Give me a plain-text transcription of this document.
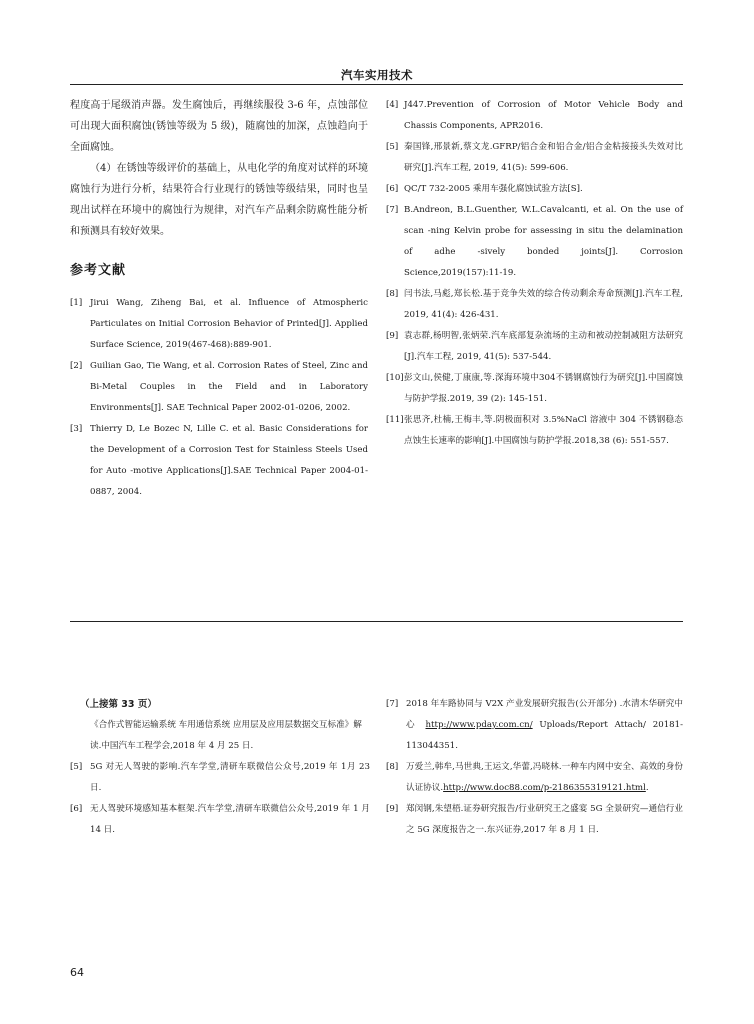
汽车实用技术

程度高于尾级消声器。发生腐蚀后，再继续服役 3-6 年，点蚀部位可出现大面积腐蚀(锈蚀等级为 5 级)，随腐蚀的加深，点蚀趋向于全面腐蚀。

（4）在锈蚀等级评价的基础上，从电化学的角度对试样的环境腐蚀行为进行分析，结果符合行业现行的锈蚀等级结果，同时也呈现出试样在环境中的腐蚀行为规律，对汽车产品剩余防腐性能分析和预测具有较好效果。

参考文献
[1] Jirui Wang, Ziheng Bai, et al. Influence of Atmospheric Particulates on Initial Corrosion Behavior of Printed[J]. Applied Surface Science, 2019(467-468):889-901.
[2] Guilian Gao, Tie Wang, et al. Corrosion Rates of Steel, Zinc and Bi-Metal Couples in the Field and in Laboratory Environments[J]. SAE Technical Paper 2002-01-0206, 2002.
[3] Thierry D, Le Bozec N, Lille C. et al. Basic Considerations for the Development of a Corrosion Test for Stainless Steels Used for Auto -motive Applications[J].SAE Technical Paper 2004-01-0887, 2004.
[4] J447.Prevention of Corrosion of Motor Vehicle Body and Chassis Components, APR2016.
[5] 秦国锋,邢景新,蔡文龙.GFRP/铝合金和铝合金/铝合金粘接接头失效对比研究[J].汽车工程, 2019, 41(5): 599-606.
[6] QC/T 732-2005 乘用车强化腐蚀试验方法[S].
[7] B.Andreon, B.L.Guenther, W.L.Cavalcanti, et al. On the use of scan -ning Kelvin probe for assessing in situ the delamination of adhe -sively bonded joints[J]. Corrosion Science,2019(157):11-19.
[8] 闫书法,马彪,郑长松.基于竞争失效的综合传动剩余寿命预测[J].汽车工程, 2019, 41(4): 426-431.
[9] 袁志群,杨明智,张炳荣.汽车底部复杂流场的主动和被动控制减阻方法研究[J].汽车工程, 2019, 41(5): 537-544.
[10] 彭文山,侯健,丁康康,等.深海环境中304不锈钢腐蚀行为研究[J].中国腐蚀与防护学报.2019, 39 (2): 145-151.
[11] 张思齐,杜楠,王梅丰,等.阴极面积对 3.5%NaCl 溶液中 304 不锈钢稳态点蚀生长速率的影响[J].中国腐蚀与防护学报.2018,38 (6): 551-557.
（上接第 33 页）
《合作式智能运输系统 车用通信系统 应用层及应用层数据交互标准》解读.中国汽车工程学会,2018 年 4 月 25 日.
[5] 5G 对无人驾驶的影响.汽车学堂,清研车联微信公众号,2019 年 1月 23 日.
[6] 无人驾驶环境感知基本框架.汽车学堂,清研车联微信公众号,2019 年 1 月 14 日.
[7] 2018 年车路协同与 V2X 产业发展研究报告(公开部分) .水清木华研究中心 http://www.pday.com.cn/ Uploads/Report Attach/ 20181-113044351.
[8] 万爱兰,韩牟,马世典,王运文,华蕾,冯晓林.一种车内网中安全、高效的身份认证协议.http://www.doc88.com/p-2186355319121.html.
[9] 郑闵钢,朱望梧.证券研究报告/行业研究王之盛宴 5G 全景研究—通信行业之 5G 深度报告之一.东兴证券,2017 年 8 月 1 日.
64
